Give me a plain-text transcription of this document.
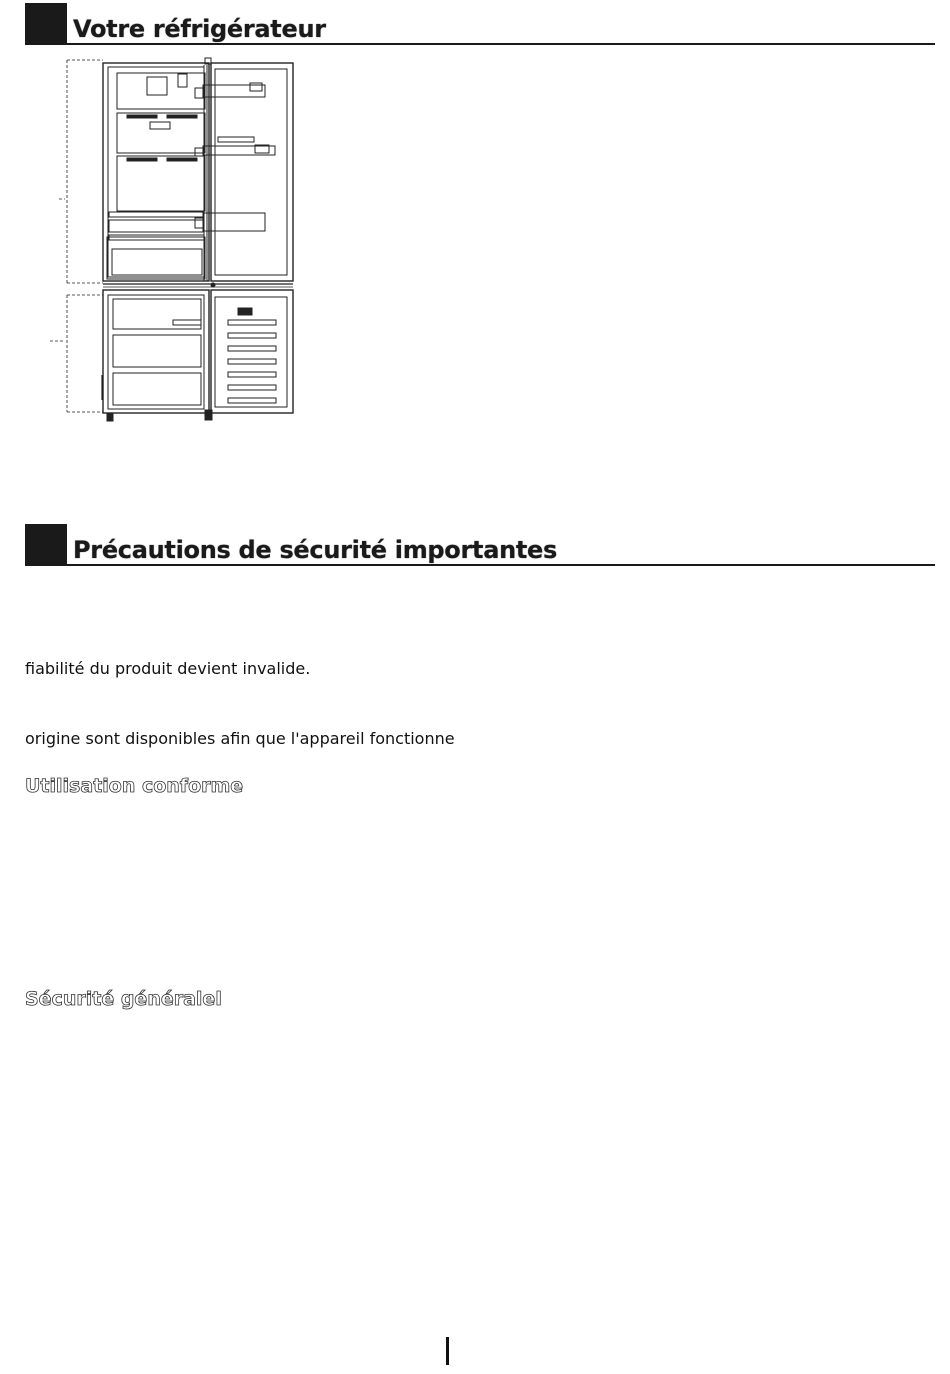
Votre réfrigérateur
Précautions de sécurité importantes
fiabilité du produit devient invalide.
origine sont disponibles afin que l'appareil fonctionne
Utilisation conforme
Sécurité généralel
